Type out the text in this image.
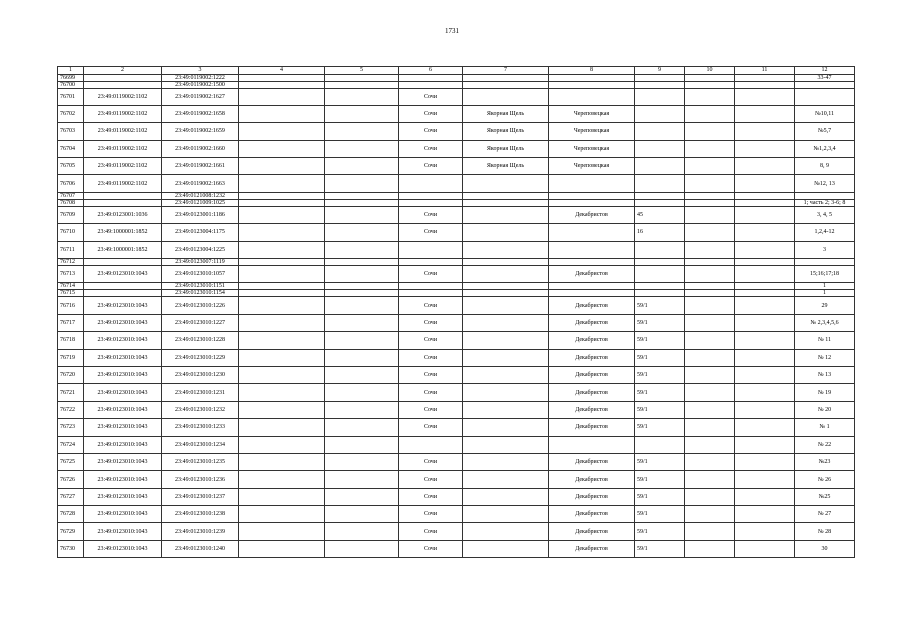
1731
1	2	3	4	5	6	7	8	9	10	11	12
76699		23:49:0119002:1222									33-47
76700		23:49:0119002:1500									
76701	23:49:0119002:1102	23:49:0119002:1627			Сочи						
76702	23:49:0119002:1102	23:49:0119002:1658			Сочи	Якорная Щель	Череповецкая				№10,11
76703	23:49:0119002:1102	23:49:0119002:1659			Сочи	Якорная Щель	Череповецкая				№5,7
76704	23:49:0119002:1102	23:49:0119002:1660			Сочи	Якорная Щель	Череповецкая				№1,2,3,4
76705	23:49:0119002:1102	23:49:0119002:1661			Сочи	Якорная Щель	Череповецкая				8, 9
76706	23:49:0119002:1102	23:49:0119002:1663									№12, 13
76707		23:49:0121008:1232									
76708		23:49:0121009:1025									1; часть 2; 3-6; 8
76709	23:49:0123001:1036	23:49:0123001:1186			Сочи		Декабристов	45			3, 4, 5
76710	23:49:1000001:1852	23:49:0123004:1175			Сочи			16			1,2,4-12
76711	23:49:1000001:1852	23:49:0123004:1225									3
76712		23:49:0123007:1119									
76713	23:49:0123010:1043	23:49:0123010:1057			Сочи		Декабристов				15;16;17;18
76714		23:49:0123010:1151									1
76715		23:49:0123010:1154									1
76716	23:49:0123010:1043	23:49:0123010:1226			Сочи		Декабристов	59/1			29
76717	23:49:0123010:1043	23:49:0123010:1227			Сочи		Декабристов	59/1			№ 2,3,4,5,6
76718	23:49:0123010:1043	23:49:0123010:1228			Сочи		Декабристов	59/1			№ 11
76719	23:49:0123010:1043	23:49:0123010:1229			Сочи		Декабристов	59/1			№ 12
76720	23:49:0123010:1043	23:49:0123010:1230			Сочи		Декабристов	59/1			№ 13
76721	23:49:0123010:1043	23:49:0123010:1231			Сочи		Декабристов	59/1			№ 19
76722	23:49:0123010:1043	23:49:0123010:1232			Сочи		Декабристов	59/1			№ 20
76723	23:49:0123010:1043	23:49:0123010:1233			Сочи		Декабристов	59/1			№ 1
76724	23:49:0123010:1043	23:49:0123010:1234									№ 22
76725	23:49:0123010:1043	23:49:0123010:1235			Сочи		Декабристов	59/1			№23
76726	23:49:0123010:1043	23:49:0123010:1236			Сочи		Декабристов	59/1			№ 26
76727	23:49:0123010:1043	23:49:0123010:1237			Сочи		Декабристов	59/1			№25
76728	23:49:0123010:1043	23:49:0123010:1238			Сочи		Декабристов	59/1			№ 27
76729	23:49:0123010:1043	23:49:0123010:1239			Сочи		Декабристов	59/1			№ 28
76730	23:49:0123010:1043	23:49:0123010:1240			Сочи		Декабристов	59/1			30
